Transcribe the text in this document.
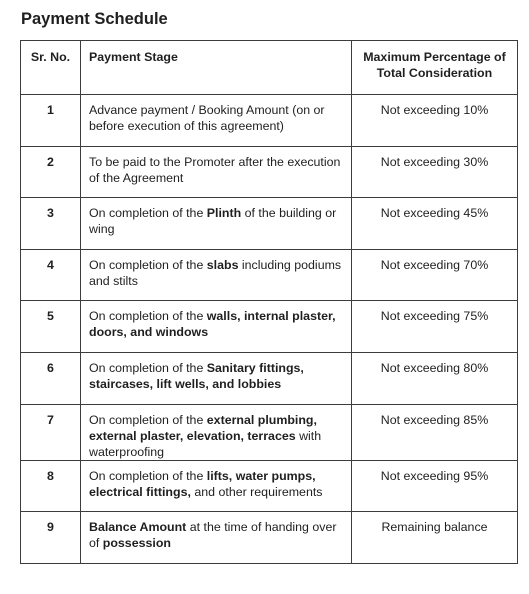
Payment Schedule
Sr. No.	Payment Stage	Maximum Percentage of Total Consideration
1	Advance payment / Booking Amount (on or before execution of this agreement)	Not exceeding 10%
2	To be paid to the Promoter after the execution of the Agreement	Not exceeding 30%
3	On completion of the Plinth of the building or wing	Not exceeding 45%
4	On completion of the slabs including podiums and stilts	Not exceeding 70%
5	On completion of the walls, internal plaster, doors, and windows	Not exceeding 75%
6	On completion of the Sanitary fittings, staircases, lift wells, and lobbies	Not exceeding 80%
7	On completion of the external plumbing, external plaster, elevation, terraces with waterproofing	Not exceeding 85%
8	On completion of the lifts, water pumps, electrical fittings, and other requirements	Not exceeding 95%
9	Balance Amount at the time of handing over of possession	Remaining balance
